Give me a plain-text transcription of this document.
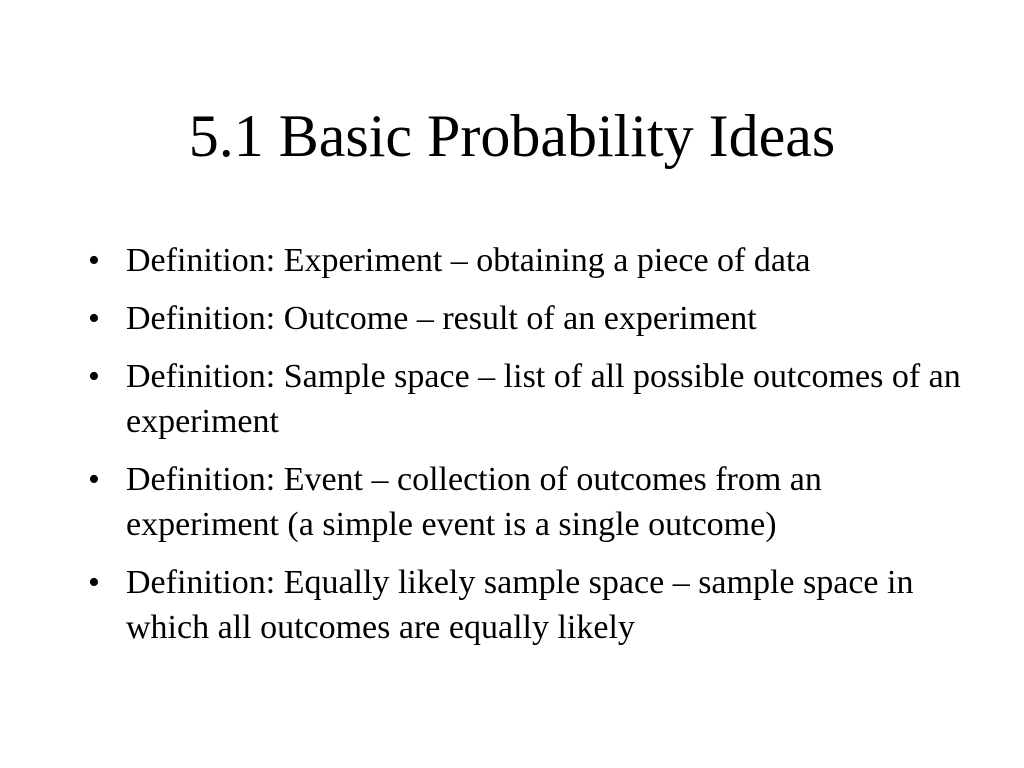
5.1 Basic Probability Ideas
• Definition: Experiment – obtaining a piece of data
• Definition: Outcome – result of an experiment
• Definition: Sample space – list of all possible outcomes of an experiment
• Definition: Event – collection of outcomes from an experiment (a simple event is a single outcome)
• Definition: Equally likely sample space – sample space in which all outcomes are equally likely
